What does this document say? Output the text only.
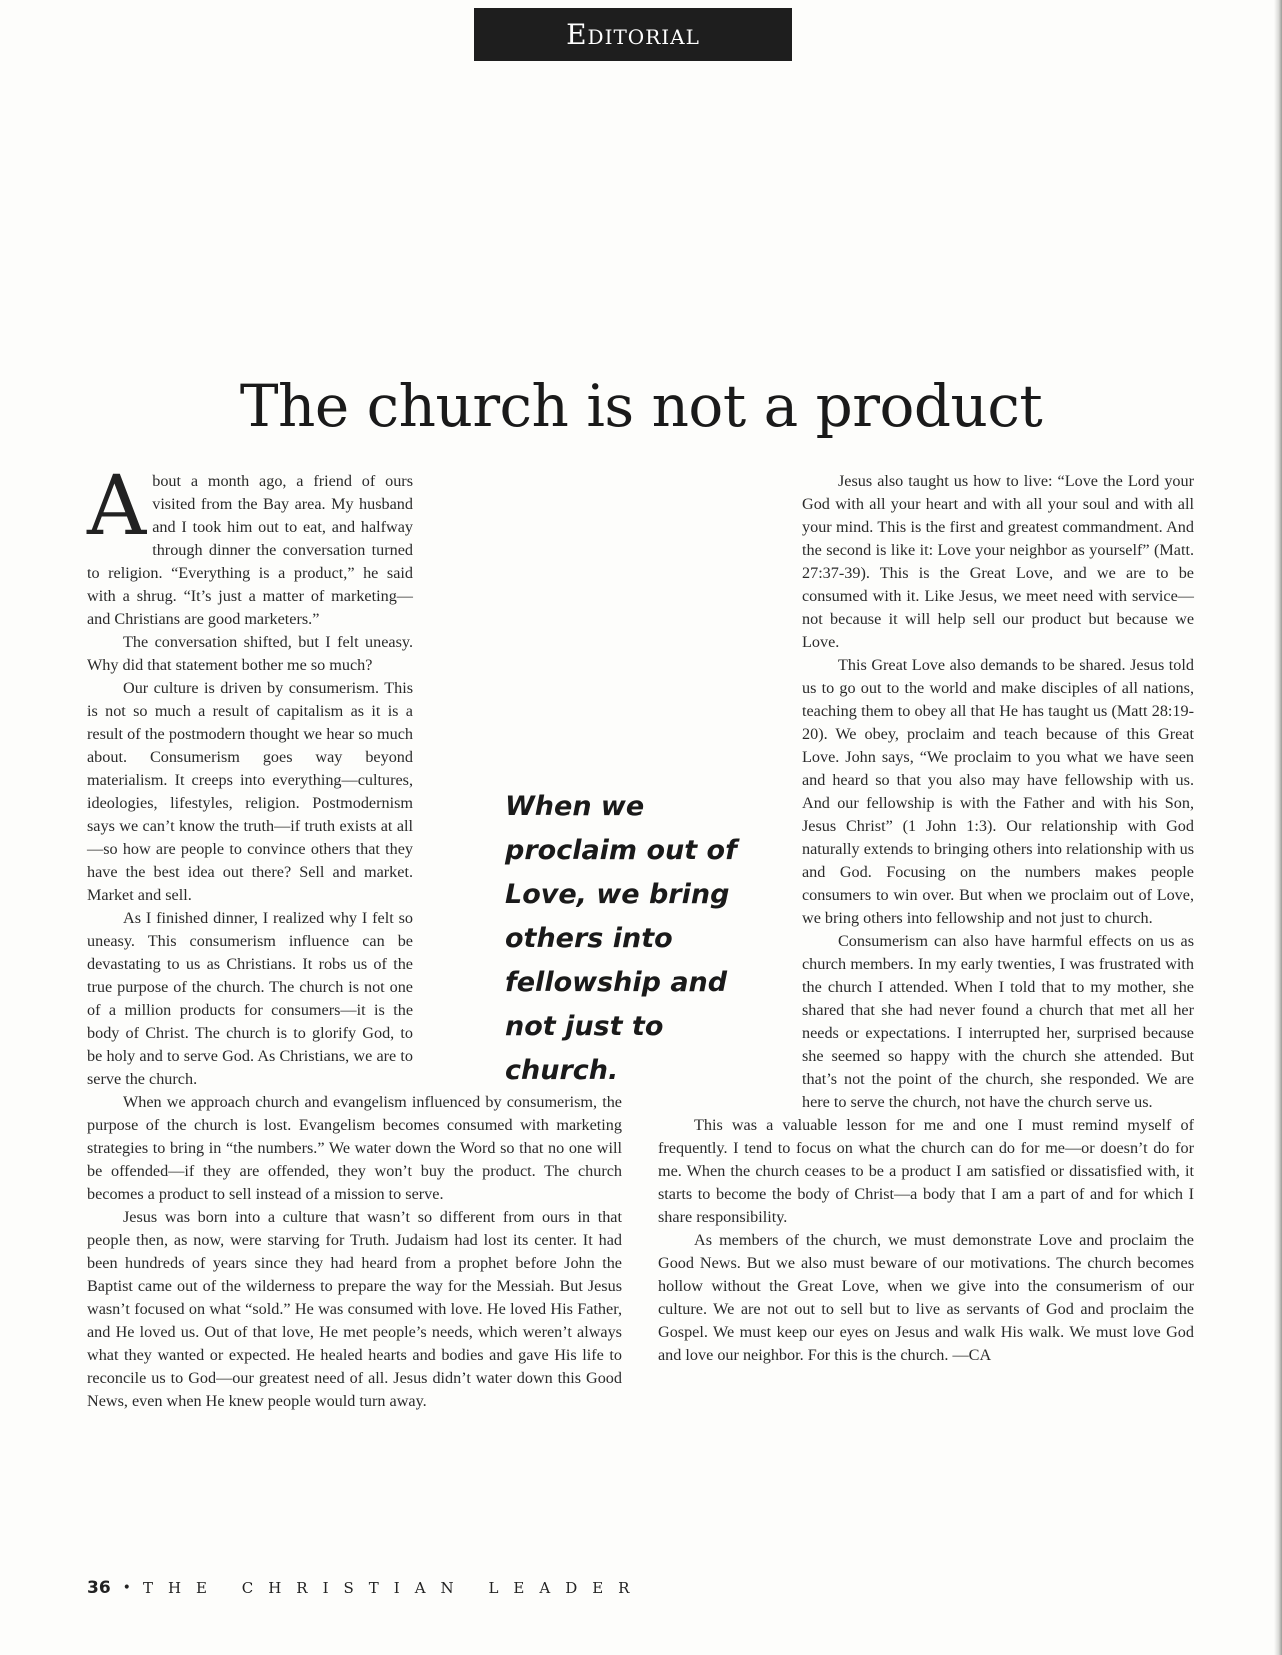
Editorial
The church is not a product

About a month ago, a friend of ours visited from the Bay area. My husband and I took him out to eat, and halfway through dinner the conversation turned to religion. “Everything is a product,” he said with a shrug. “It’s just a matter of marketing—and Christians are good marketers.”

The conversation shifted, but I felt uneasy. Why did that statement bother me so much?

Our culture is driven by consumerism. This is not so much a result of capitalism as it is a result of the postmodern thought we hear so much about. Consumerism goes way beyond materialism. It creeps into everything—cultures, ideologies, lifestyles, religion. Postmodernism says we can’t know the truth—if truth exists at all—so how are people to convince others that they have the best idea out there? Sell and market. Market and sell.

As I finished dinner, I realized why I felt so uneasy. This consumerism influence can be devastating to us as Christians. It robs us of the true purpose of the church. The church is not one of a million products for consumers—it is the body of Christ. The church is to glorify God, to be holy and to serve God. As Christians, we are to serve the church.

When we approach church and evangelism influenced by consumerism, the purpose of the church is lost. Evangelism becomes consumed with marketing strategies to bring in “the numbers.” We water down the Word so that no one will be offended—if they are offended, they won’t buy the product. The church becomes a product to sell instead of a mission to serve.

Jesus was born into a culture that wasn’t so different from ours in that people then, as now, were starving for Truth. Judaism had lost its center. It had been hundreds of years since they had heard from a prophet before John the Baptist came out of the wilderness to prepare the way for the Messiah. But Jesus wasn’t focused on what “sold.” He was consumed with love. He loved His Father, and He loved us. Out of that love, He met people’s needs, which weren’t always what they wanted or expected. He healed hearts and bodies and gave His life to reconcile us to God—our greatest need of all. Jesus didn’t water down this Good News, even when He knew people would turn away.

When we proclaim out of Love, we bring others into fellowship and not just to church.

Jesus also taught us how to live: “Love the Lord your God with all your heart and with all your soul and with all your mind. This is the first and greatest commandment. And the second is like it: Love your neighbor as yourself” (Matt. 27:37-39). This is the Great Love, and we are to be consumed with it. Like Jesus, we meet need with service—not because it will help sell our product but because we Love.

This Great Love also demands to be shared. Jesus told us to go out to the world and make disciples of all nations, teaching them to obey all that He has taught us (Matt 28:19-20). We obey, proclaim and teach because of this Great Love. John says, “We proclaim to you what we have seen and heard so that you also may have fellowship with us. And our fellowship is with the Father and with his Son, Jesus Christ” (1 John 1:3). Our relationship with God naturally extends to bringing others into relationship with us and God. Focusing on the numbers makes people consumers to win over. But when we proclaim out of Love, we bring others into fellowship and not just to church.

Consumerism can also have harmful effects on us as church members. In my early twenties, I was frustrated with the church I attended. When I told that to my mother, she shared that she had never found a church that met all her needs or expectations. I interrupted her, surprised because she seemed so happy with the church she attended. But that’s not the point of the church, she responded. We are here to serve the church, not have the church serve us.

This was a valuable lesson for me and one I must remind myself of frequently. I tend to focus on what the church can do for me—or doesn’t do for me. When the church ceases to be a product I am satisfied or dissatisfied with, it starts to become the body of Christ—a body that I am a part of and for which I share responsibility.

As members of the church, we must demonstrate Love and proclaim the Good News. But we also must beware of our motivations. The church becomes hollow without the Great Love, when we give into the consumerism of our culture. We are not out to sell but to live as servants of God and proclaim the Gospel. We must keep our eyes on Jesus and walk His walk. We must love God and love our neighbor. For this is the church. —CA

36 • THE CHRISTIAN LEADER
